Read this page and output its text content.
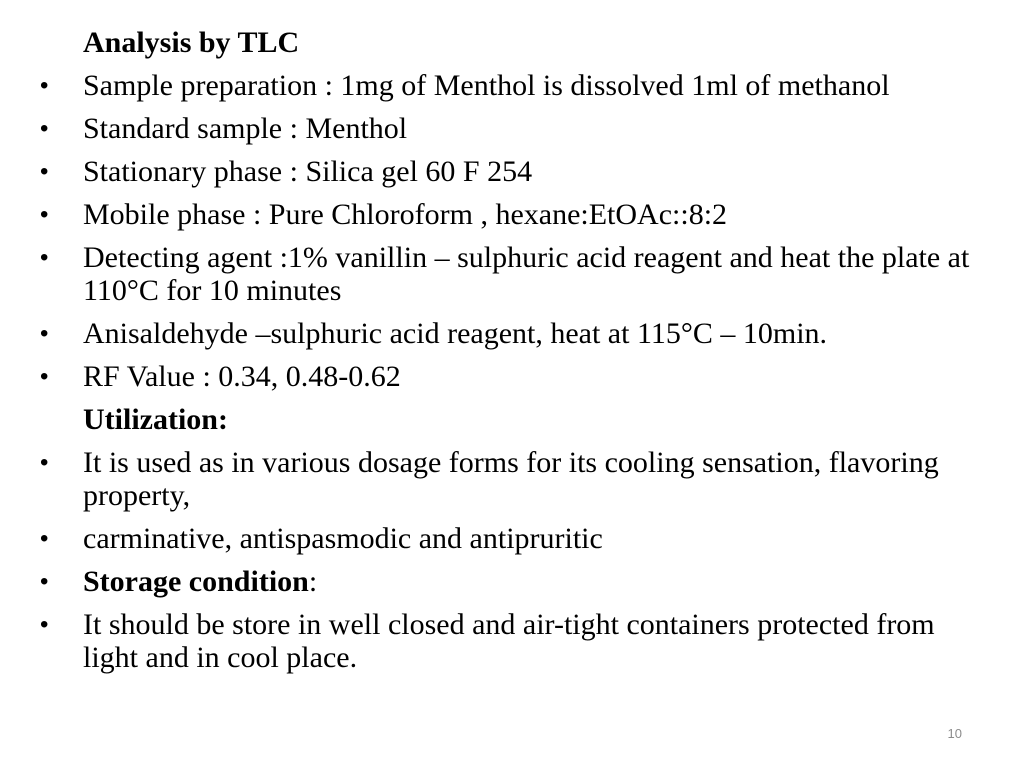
Analysis by TLC
•	Sample preparation : 1mg of Menthol is dissolved 1ml of methanol
•	Standard sample : Menthol
•	Stationary phase : Silica gel 60 F 254
•	Mobile phase : Pure Chloroform , hexane:EtOAc::8:2
•	Detecting agent :1% vanillin – sulphuric acid reagent and heat the plate at 110°C for 10 minutes
•	Anisaldehyde –sulphuric acid reagent, heat at 115°C – 10min.
•	RF Value : 0.34, 0.48-0.62
Utilization:
•	It is used as in various dosage forms for its cooling sensation, flavoring property,
•	carminative, antispasmodic and antipruritic
•	Storage condition:
•	It should be store in well closed and air-tight containers protected from light and in cool place.
10
